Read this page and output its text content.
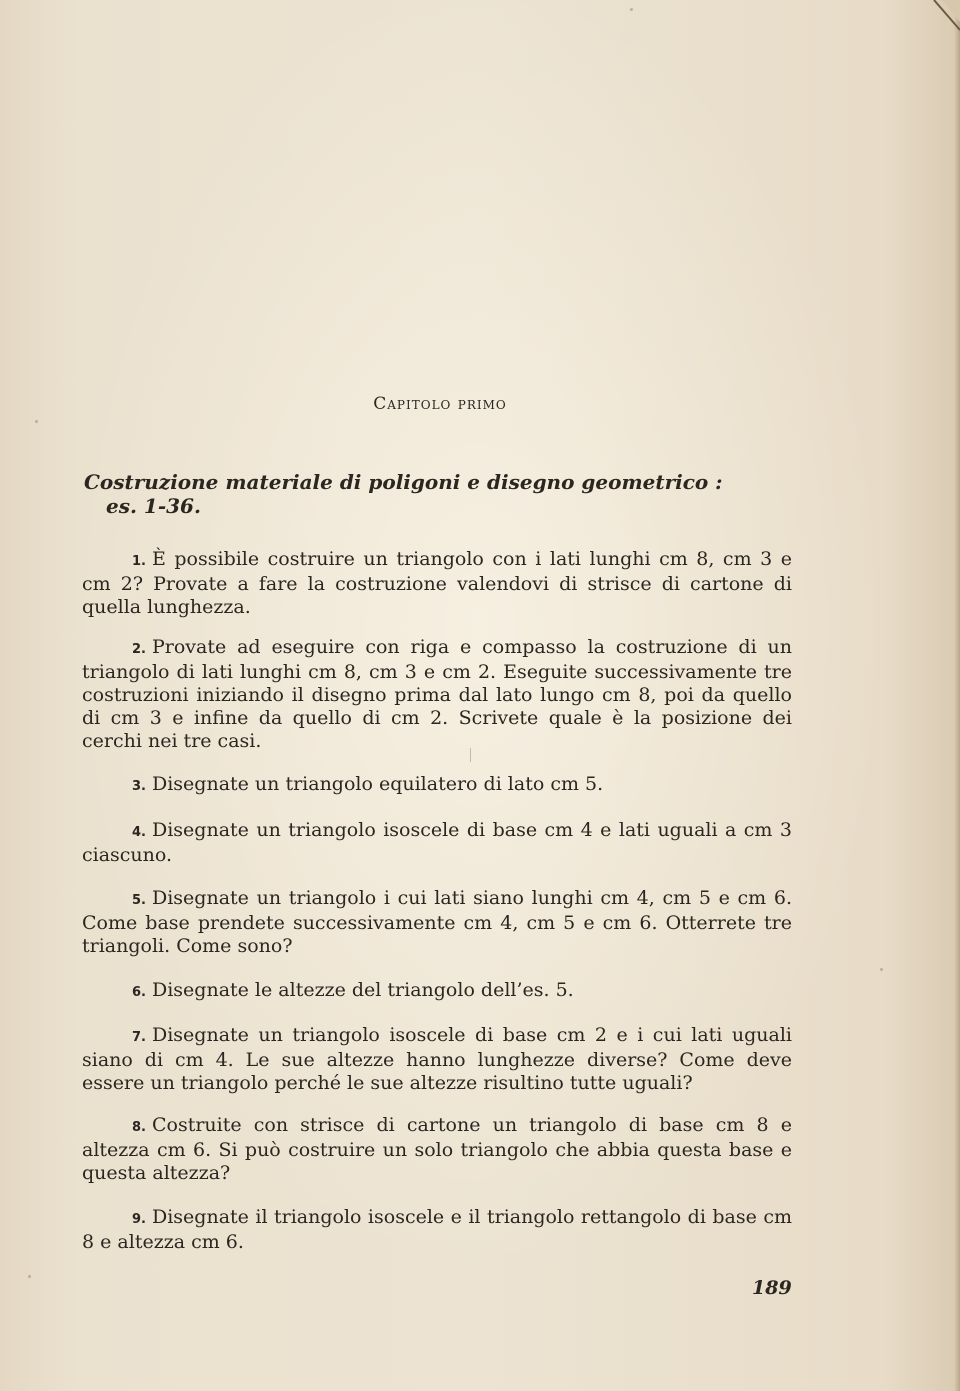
Capitolo primo
Costruzione materiale di poligoni e disegno geometrico :
es. 1-36.
1. È possibile costruire un triangolo con i lati lunghi cm 8, cm 3 e cm 2? Provate a fare la costruzione valendovi di strisce di cartone di quella lunghezza.
2. Provate ad eseguire con riga e compasso la costruzione di un triangolo di lati lunghi cm 8, cm 3 e cm 2. Eseguite successivamente tre costruzioni iniziando il disegno prima dal lato lungo cm 8, poi da quello di cm 3 e infine da quello di cm 2. Scrivete quale è la posizione dei cerchi nei tre casi.
3. Disegnate un triangolo equilatero di lato cm 5.
4. Disegnate un triangolo isoscele di base cm 4 e lati uguali a cm 3 ciascuno.
5. Disegnate un triangolo i cui lati siano lunghi cm 4, cm 5 e cm 6. Come base prendete successivamente cm 4, cm 5 e cm 6. Otterrete tre triangoli. Come sono?
6. Disegnate le altezze del triangolo dell’es. 5.
7. Disegnate un triangolo isoscele di base cm 2 e i cui lati uguali siano di cm 4. Le sue altezze hanno lunghezze diverse? Come deve essere un triangolo perché le sue altezze risultino tutte uguali?
8. Costruite con strisce di cartone un triangolo di base cm 8 e altezza cm 6. Si può costruire un solo triangolo che abbia questa base e questa altezza?
9. Disegnate il triangolo isoscele e il triangolo rettangolo di base cm 8 e altezza cm 6.
189
